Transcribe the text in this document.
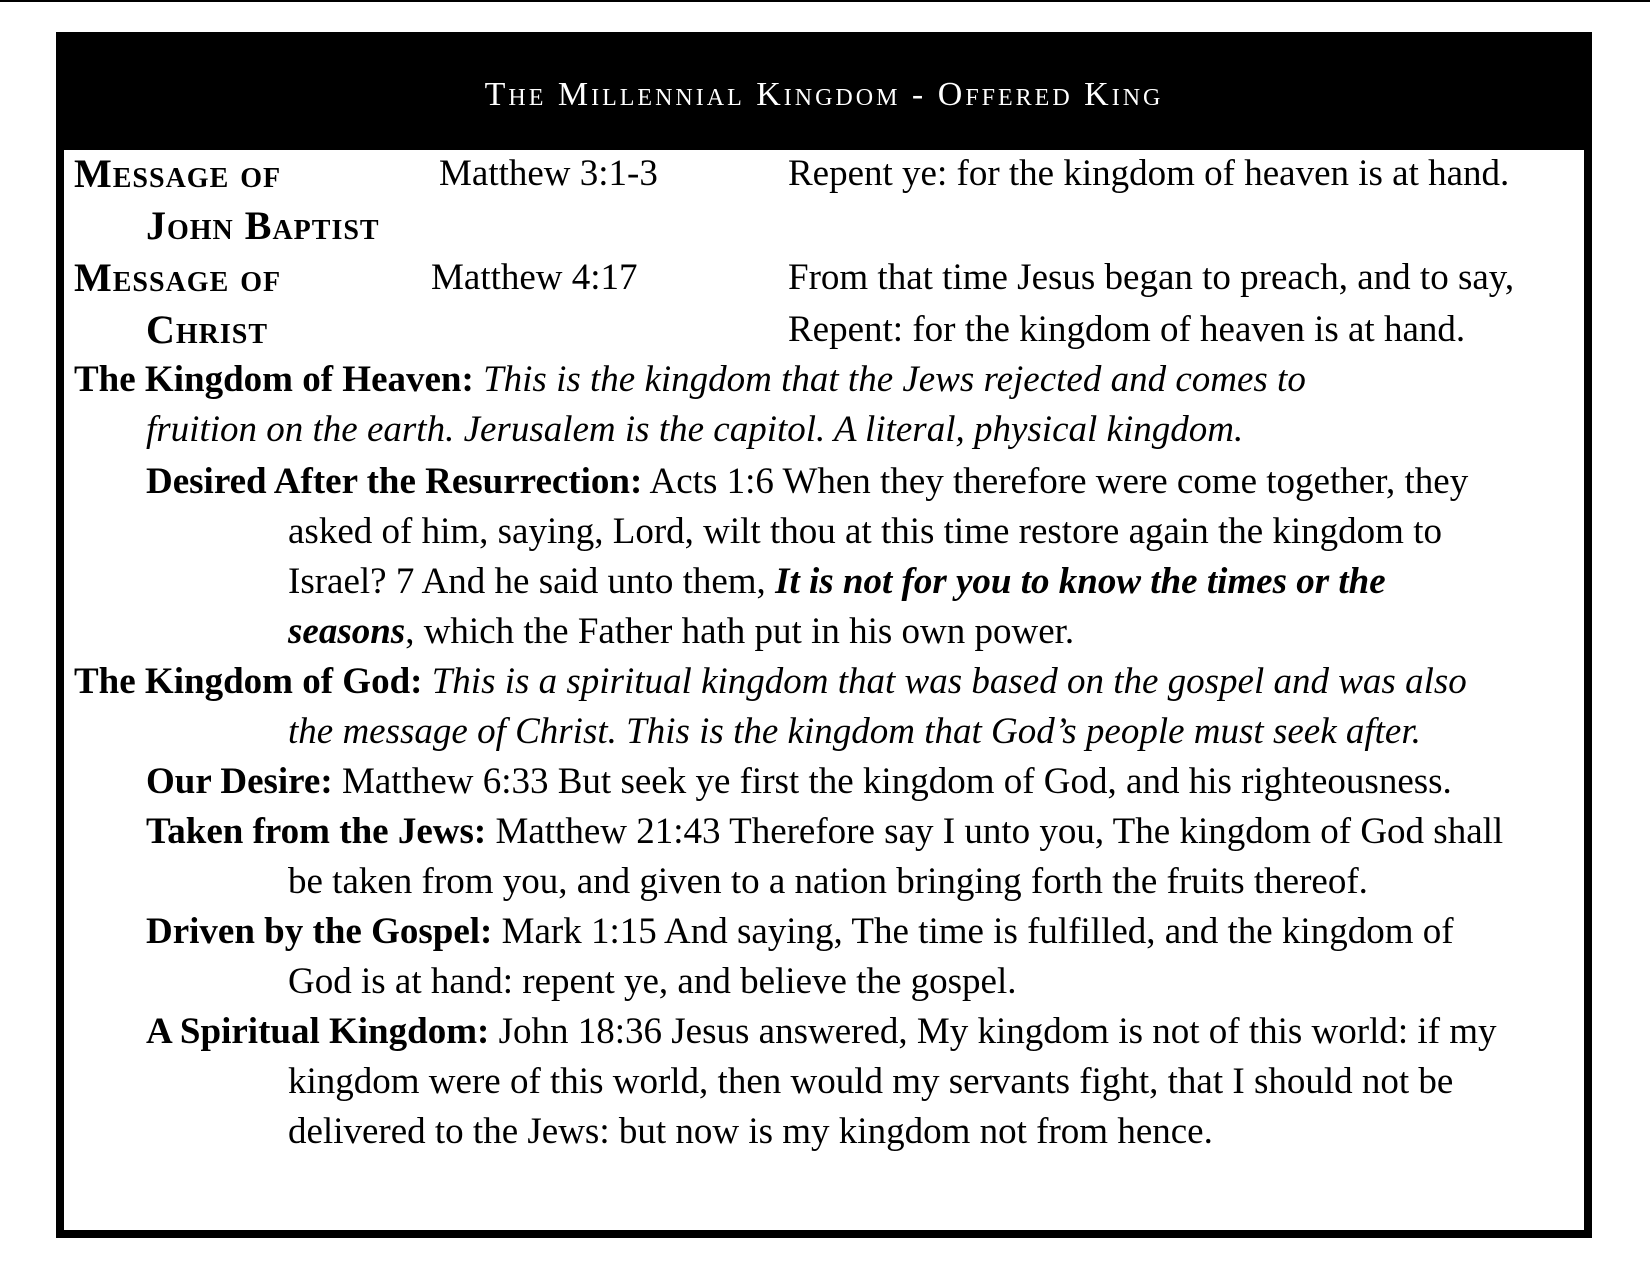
The Millennial Kingdom - Offered King
Message of	Matthew 3:1-3	Repent ye: for the kingdom of heaven is at hand.
John Baptist
Message of	Matthew 4:17	From that time Jesus began to preach, and to say,
Christ	Repent: for the kingdom of heaven is at hand.
The Kingdom of Heaven: This is the kingdom that the Jews rejected and comes to
fruition on the earth. Jerusalem is the capitol. A literal, physical kingdom.
Desired After the Resurrection: Acts 1:6 When they therefore were come together, they
asked of him, saying, Lord, wilt thou at this time restore again the kingdom to
Israel? 7 And he said unto them, It is not for you to know the times or the
seasons, which the Father hath put in his own power.
The Kingdom of God: This is a spiritual kingdom that was based on the gospel and was also
the message of Christ. This is the kingdom that God’s people must seek after.
Our Desire: Matthew 6:33 But seek ye first the kingdom of God, and his righteousness.
Taken from the Jews: Matthew 21:43 Therefore say I unto you, The kingdom of God shall
be taken from you, and given to a nation bringing forth the fruits thereof.
Driven by the Gospel: Mark 1:15 And saying, The time is fulfilled, and the kingdom of
God is at hand: repent ye, and believe the gospel.
A Spiritual Kingdom: John 18:36 Jesus answered, My kingdom is not of this world: if my
kingdom were of this world, then would my servants fight, that I should not be
delivered to the Jews: but now is my kingdom not from hence.
